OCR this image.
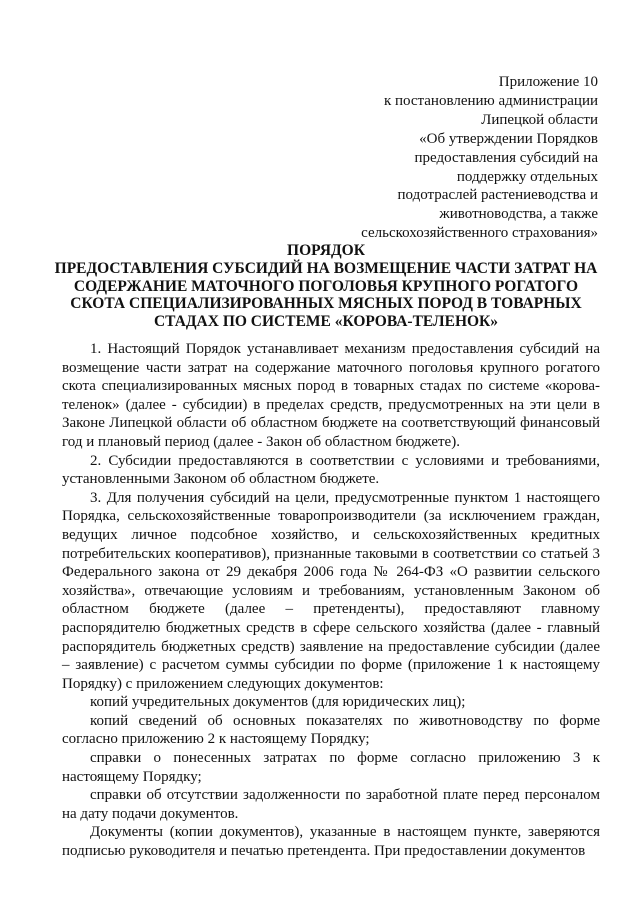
Приложение 10
к постановлению администрации
Липецкой области
«Об утверждении Порядков
предоставления субсидий на
поддержку отдельных
подотраслей растениеводства и
животноводства, а также
сельскохозяйственного страхования»
ПОРЯДОК
ПРЕДОСТАВЛЕНИЯ СУБСИДИЙ НА ВОЗМЕЩЕНИЕ ЧАСТИ ЗАТРАТ НА
СОДЕРЖАНИЕ МАТОЧНОГО ПОГОЛОВЬЯ КРУПНОГО РОГАТОГО
СКОТА СПЕЦИАЛИЗИРОВАННЫХ МЯСНЫХ ПОРОД В ТОВАРНЫХ
СТАДАХ ПО СИСТЕМЕ «КОРОВА-ТЕЛЕНОК»

1. Настоящий Порядок устанавливает механизм предоставления субсидий на возмещение части затрат на содержание маточного поголовья крупного рогатого скота специализированных мясных пород в товарных стадах по системе «корова-теленок» (далее - субсидии) в пределах средств, предусмотренных на эти цели в Законе Липецкой области об областном бюджете на соответствующий финансовый год и плановый период (далее - Закон об областном бюджете).

2. Субсидии предоставляются в соответствии с условиями и требованиями, установленными Законом об областном бюджете.

3. Для получения субсидий на цели, предусмотренные пунктом 1 настоящего Порядка, сельскохозяйственные товаропроизводители (за исключением граждан, ведущих личное подсобное хозяйство, и сельскохозяйственных кредитных потребительских кооперативов), признанные таковыми в соответствии со статьей 3 Федерального закона от 29 декабря 2006 года № 264-ФЗ «О развитии сельского хозяйства», отвечающие условиям и требованиям, установленным Законом об областном бюджете (далее – претенденты), предоставляют главному распорядителю бюджетных средств в сфере сельского хозяйства (далее - главный распорядитель бюджетных средств) заявление на предоставление субсидии (далее – заявление) с расчетом суммы субсидии по форме (приложение 1 к настоящему Порядку) с приложением следующих документов:

копий учредительных документов (для юридических лиц);

копий сведений об основных показателях по животноводству по форме согласно приложению 2 к настоящему Порядку;

справки о понесенных затратах по форме согласно приложению 3 к настоящему Порядку;

справки об отсутствии задолженности по заработной плате перед персоналом на дату подачи документов.

Документы (копии документов), указанные в настоящем пункте, заверяются подписью руководителя и печатью претендента. При предоставлении документов
